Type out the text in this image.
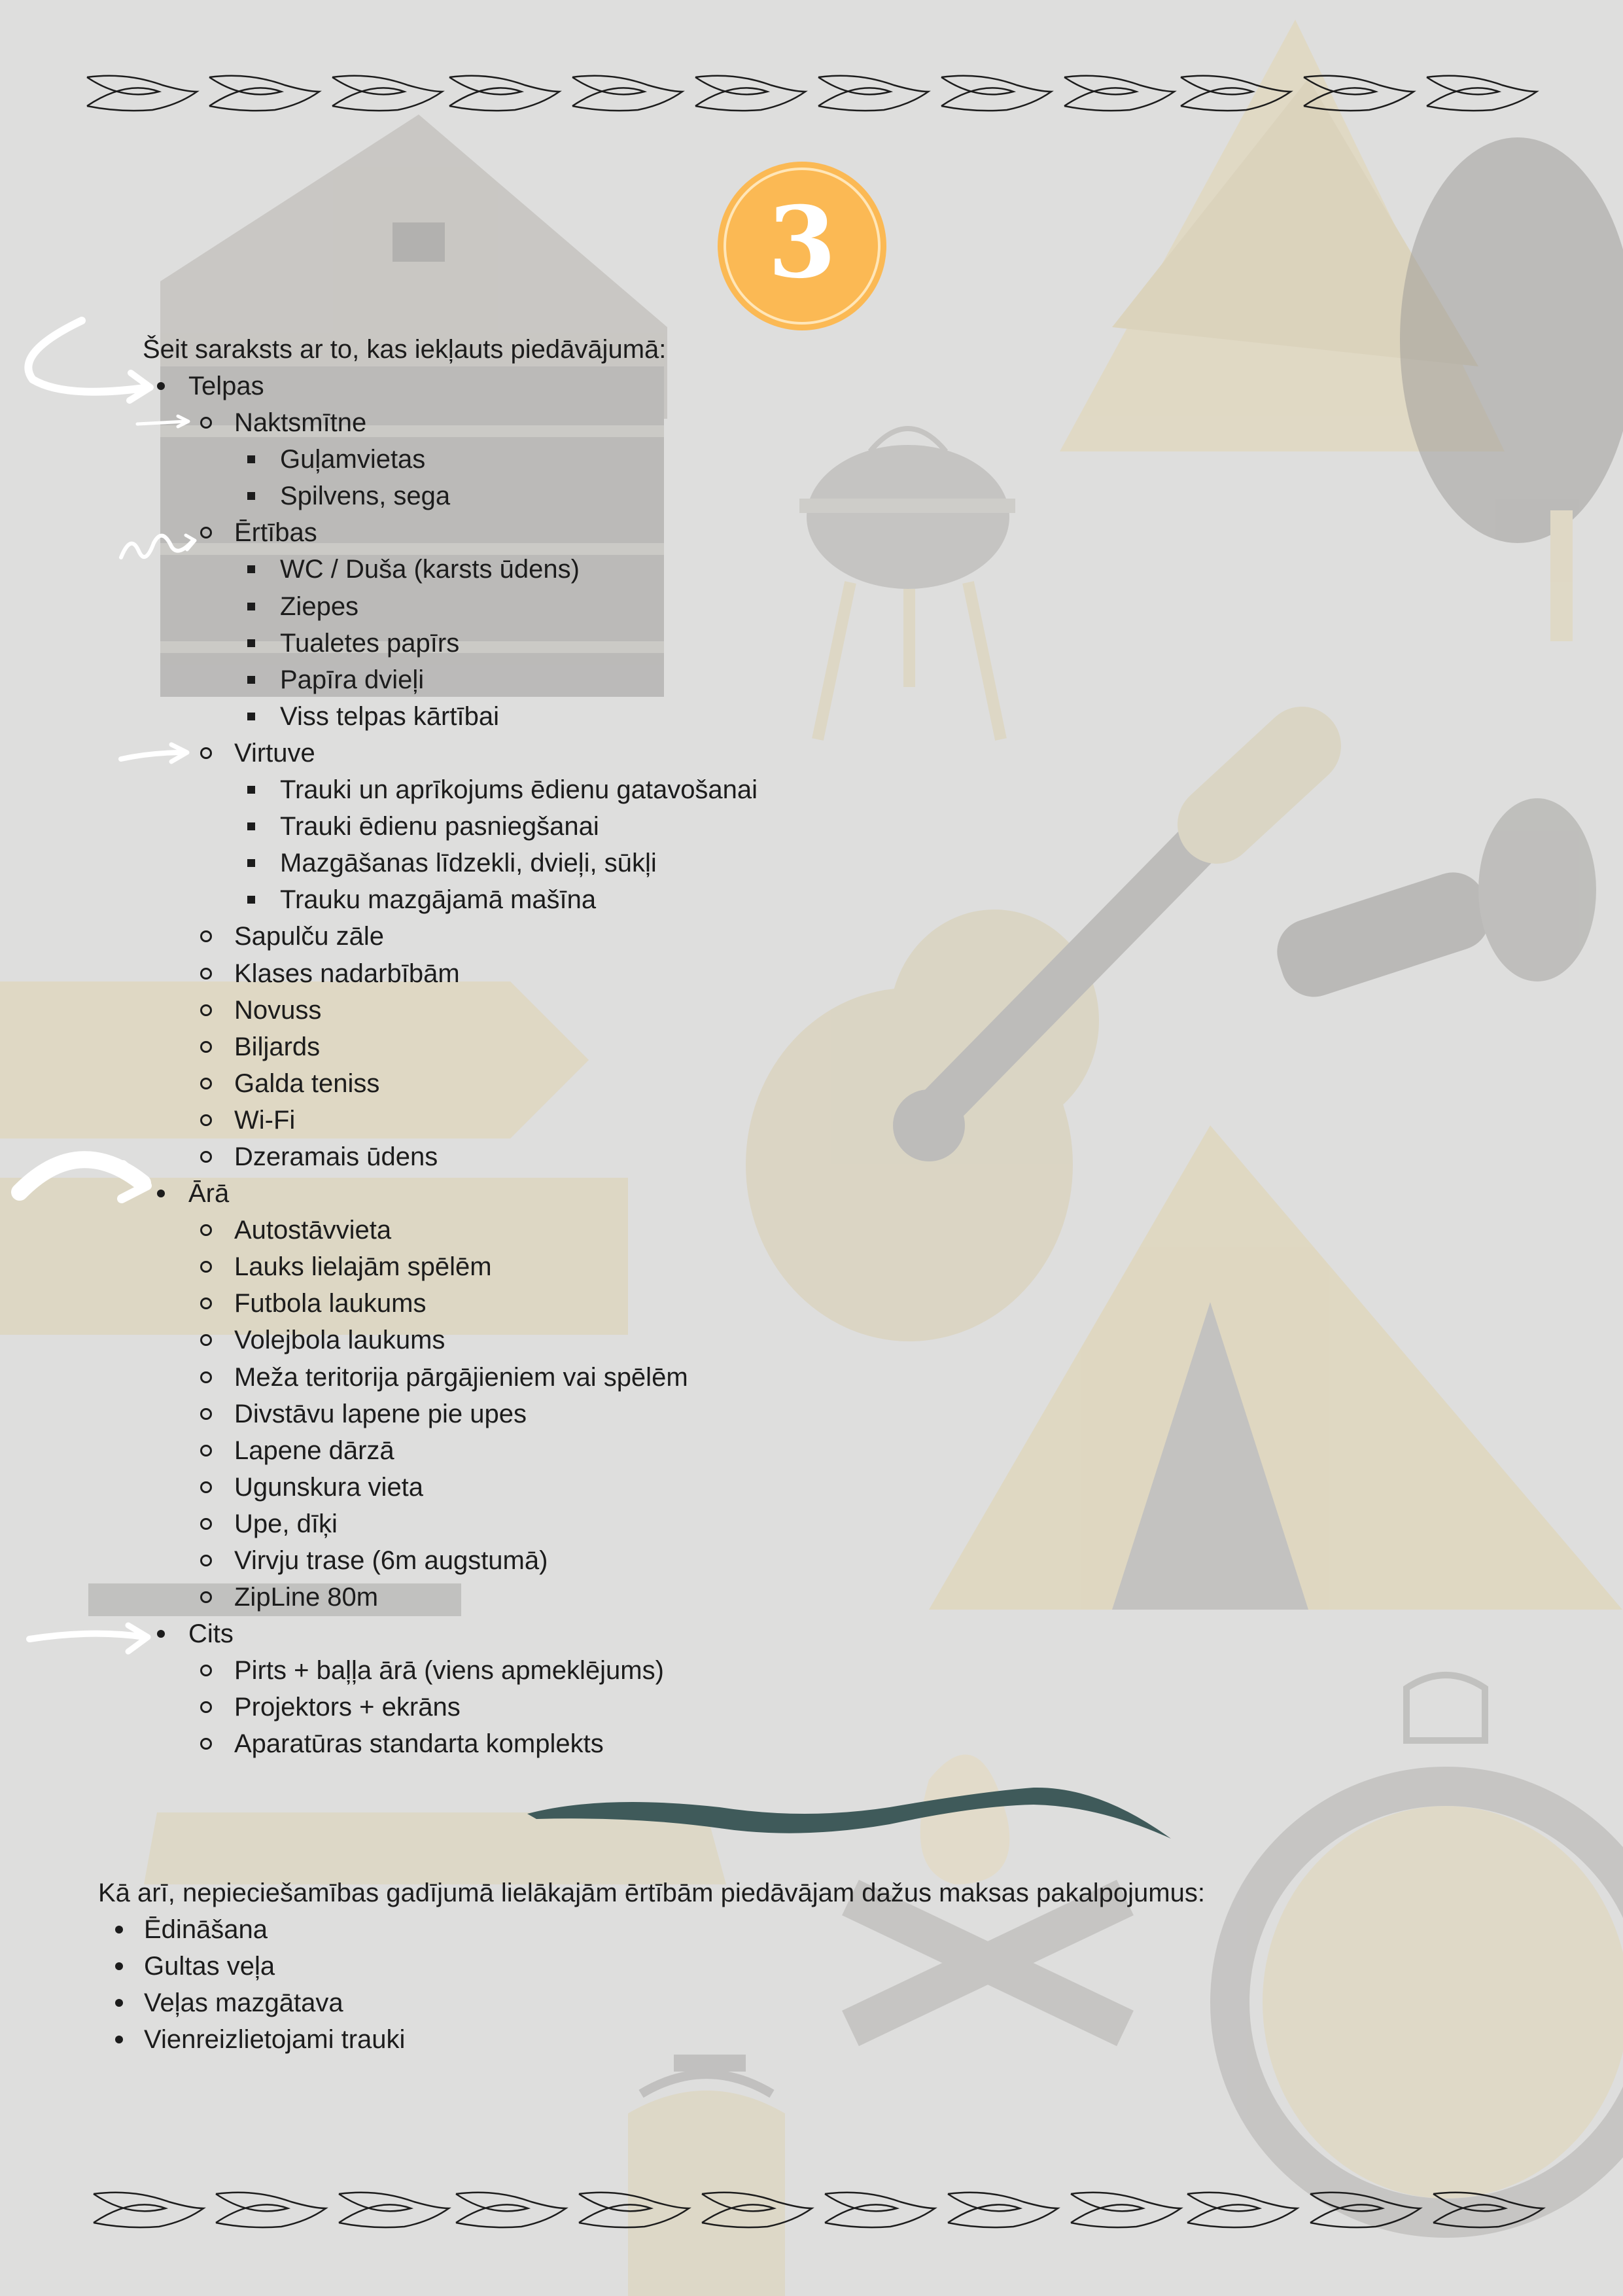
3

Šeit saraksts ar to, kas iekļauts piedāvājumā:

Telpas
Naktsmītne
Guļamvietas
Spilvens, sega
Ērtības
WC / Duša (karsts ūdens)
Ziepes
Tualetes papīrs
Papīra dvieļi
Viss telpas kārtībai
Virtuve
Trauki un aprīkojums ēdienu gatavošanai
Trauki ēdienu pasniegšanai
Mazgāšanas līdzekli, dvieļi, sūkļi
Trauku mazgājamā mašīna
Sapulču zāle
Klases nadarbībām
Novuss
Biljards
Galda teniss
Wi-Fi
Dzeramais ūdens
Ārā
Autostāvvieta
Lauks lielajām spēlēm
Futbola laukums
Volejbola laukums
Meža teritorija pārgājieniem vai spēlēm
Divstāvu lapene pie upes
Lapene dārzā
Ugunskura vieta
Upe, dīķi
Virvju trase (6m augstumā)
ZipLine 80m
Cits
Pirts + baļļa ārā (viens apmeklējums)
Projektors + ekrāns
Aparatūras standarta komplekts

Kā arī, nepieciešamības gadījumā lielākajām ērtībām piedāvājam dažus maksas pakalpojumus:

Ēdināšana
Gultas veļa
Veļas mazgātava
Vienreizlietojami trauki
